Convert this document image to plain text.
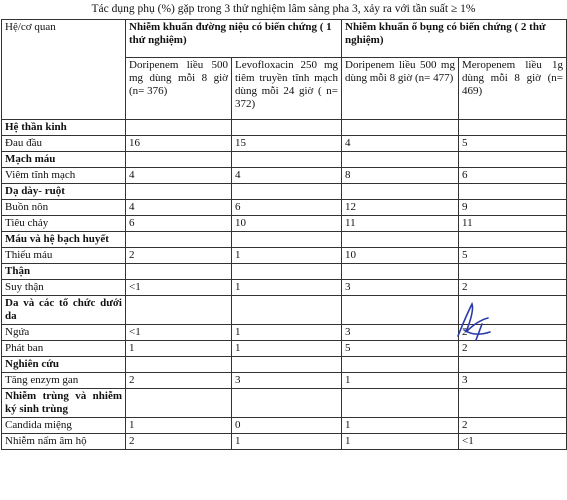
Tác dụng phụ (%) gặp trong 3 thử nghiệm lâm sàng pha 3, xảy ra với tần suất ≥ 1%
Hệ/cơ quan	Nhiễm khuẩn đường niệu có biến chứng ( 1 thử nghiệm)		Nhiễm khuẩn ổ bụng có biến chứng ( 2 thử nghiệm)	
	Doripenem liều 500 mg dùng mỗi 8 giờ (n= 376)	Levofloxacin 250 mg tiêm truyền tĩnh mạch dùng mỗi 24 giờ ( n= 372)	Doripenem liều 500 mg dùng mỗi 8 giờ (n= 477)	Meropenem liều 1g dùng mỗi 8 giờ (n= 469)
Hệ thần kinh				
Đau đầu	16	15	4	5
Mạch máu				
Viêm tĩnh mạch	4	4	8	6
Dạ dày- ruột				
Buồn nôn	4	6	12	9
Tiêu chảy	6	10	11	11
Máu và hệ bạch huyết				
Thiếu máu	2	1	10	5
Thận				
Suy thận	<1	1	3	2
Da và các tổ chức dưới da				
Ngứa	<1	1	3	2
Phát ban	1	1	5	2
Nghiên cứu				
Tăng enzym gan	2	3	1	3
Nhiễm trùng và nhiễm ký sinh trùng				
Candida miệng	1	0	1	2
Nhiễm nấm âm hộ	2	1	1	<1
